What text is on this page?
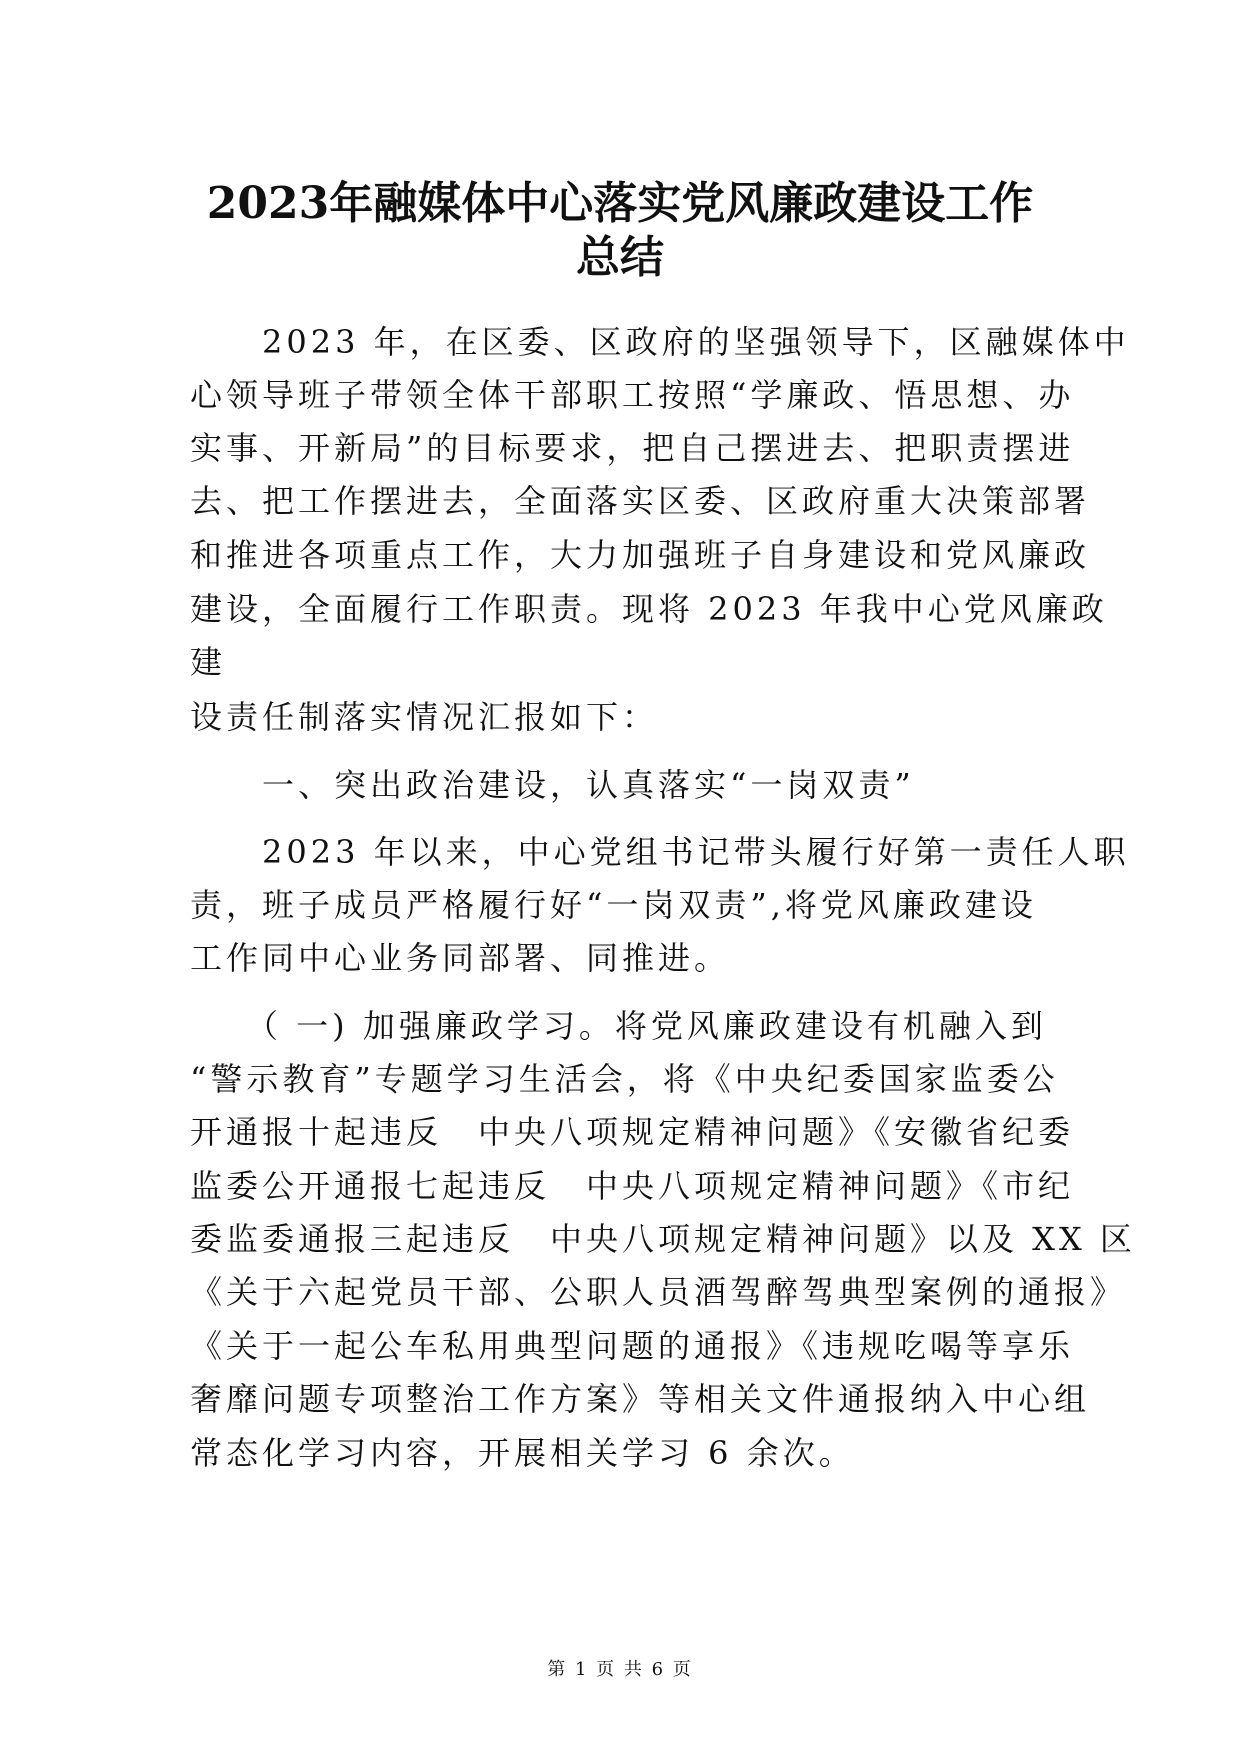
2023年融媒体中心落实党风廉政建设工作
总结
　　2023 年，在区委、区政府的坚强领导下，区融媒体中
心领导班子带领全体干部职工按照“学廉政、悟思想、办
实事、开新局”的目标要求，把自己摆进去、把职责摆进
去、把工作摆进去，全面落实区委、区政府重大决策部署
和推进各项重点工作，大力加强班子自身建设和党风廉政
建设，全面履行工作职责。现将 2023 年我中心党风廉政
建
设责任制落实情况汇报如下：
　　一、突出政治建设，认真落实“一岗双责”
　　2023 年以来，中心党组书记带头履行好第一责任人职
责，班子成员严格履行好“一岗双责”,将党风廉政建设
工作同中心业务同部署、同推进。
　　（ 一) 加强廉政学习。将党风廉政建设有机融入到
“警示教育”专题学习生活会，将《中央纪委国家监委公
开通报十起违反　中央八项规定精神问题》《安徽省纪委
监委公开通报七起违反　中央八项规定精神问题》《市纪
委监委通报三起违反　中央八项规定精神问题》以及 XX 区
《关于六起党员干部、公职人员酒驾醉驾典型案例的通报》
《关于一起公车私用典型问题的通报》《违规吃喝等享乐
奢靡问题专项整治工作方案》等相关文件通报纳入中心组
常态化学习内容，开展相关学习 6 余次。
第 1 页 共 6 页
